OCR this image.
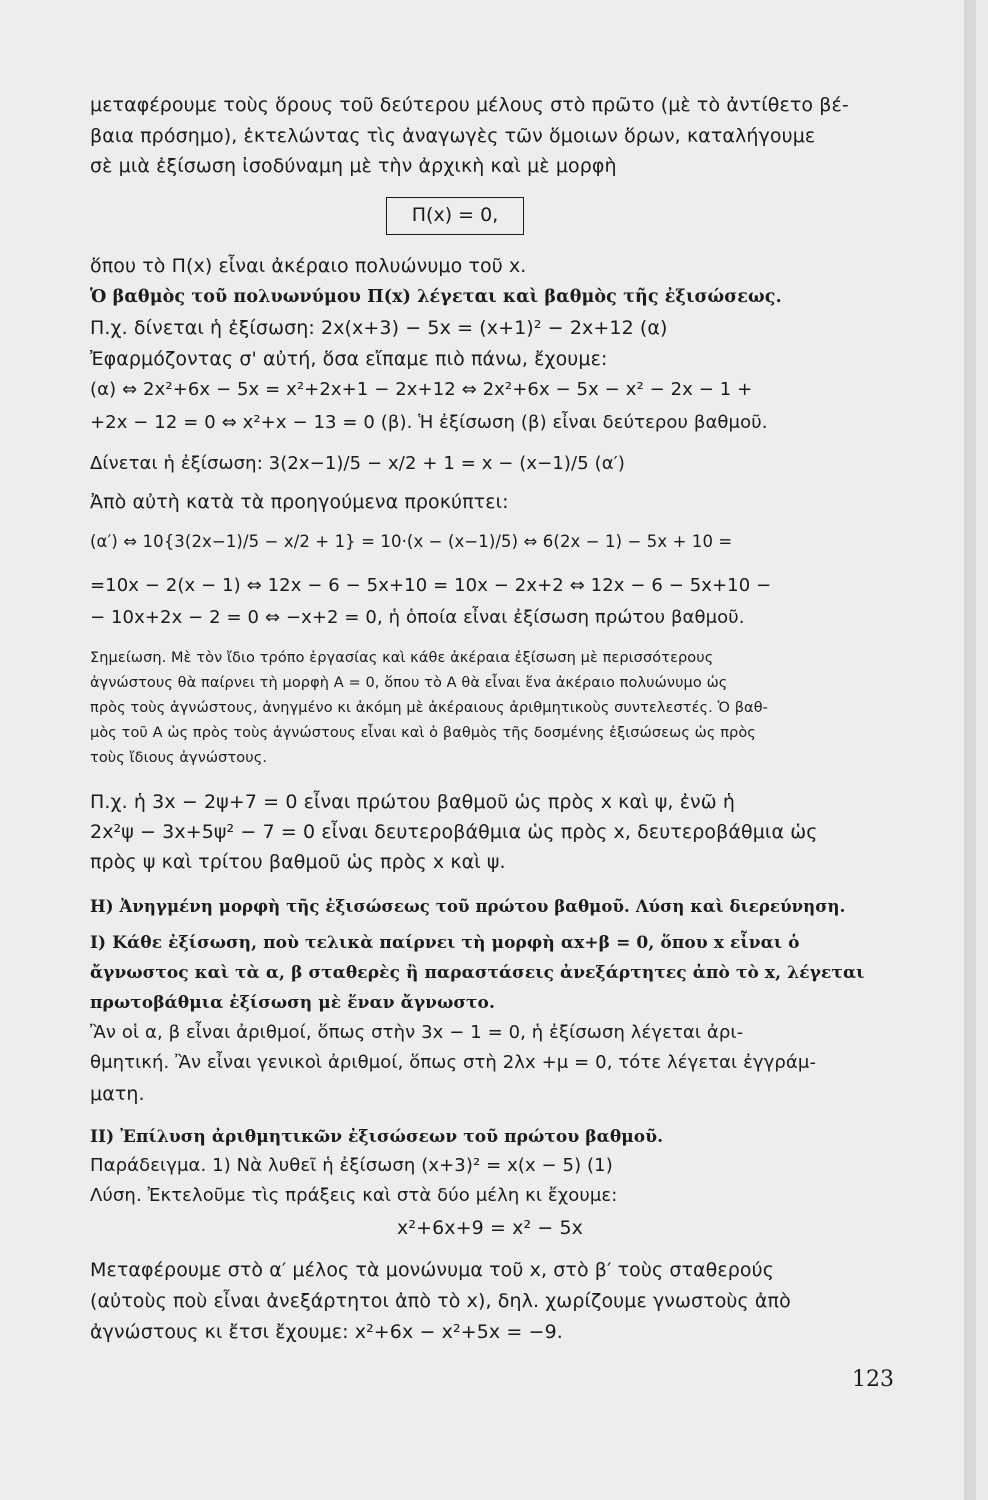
μεταφέρουμε τοὺς ὅρους τοῦ δεύτερου μέλους στὸ πρῶτο (μὲ τὸ ἀντίθετο βέ-
βαια πρόσημο), ἐκτελώντας τὶς ἀναγωγὲς τῶν ὅμοιων ὅρων, καταλήγουμε
σὲ μιὰ ἐξίσωση ἰσοδύναμη μὲ τὴν ἀρχικὴ καὶ μὲ μορφὴ
Π(x) = 0,
ὅπου τὸ Π(x) εἶναι ἀκέραιο πολυώνυμο τοῦ x.
Ὁ βαθμὸς τοῦ πολυωνύμου Π(x) λέγεται καὶ βαθμὸς τῆς ἐξισώσεως.
Π.χ. δίνεται ἡ ἐξίσωση: 2x(x+3) − 5x = (x+1)² − 2x+12 (α)
Ἐφαρμόζοντας σ' αὐτή, ὅσα εἴπαμε πιὸ πάνω, ἔχουμε:
(α) ⇔ 2x²+6x − 5x = x²+2x+1 − 2x+12 ⇔ 2x²+6x − 5x − x² − 2x − 1 +
+2x − 12 = 0 ⇔ x²+x − 13 = 0 (β). Ἡ ἐξίσωση (β) εἶναι δεύτερου βαθμοῦ.
Δίνεται ἡ ἐξίσωση: 3(2x−1)/5 − x/2 + 1 = x − (x−1)/5 (α′)
Ἀπὸ αὐτὴ κατὰ τὰ προηγούμενα προκύπτει:
(α′) ⇔ 10{3(2x−1)/5 − x/2 + 1} = 10·(x − (x−1)/5) ⇔ 6(2x − 1) − 5x + 10 =
=10x − 2(x − 1) ⇔ 12x − 6 − 5x+10 = 10x − 2x+2 ⇔ 12x − 6 − 5x+10 −
− 10x+2x − 2 = 0 ⇔ −x+2 = 0, ἡ ὁποία εἶναι ἐξίσωση πρώτου βαθμοῦ.
Σημείωση. Μὲ τὸν ἴδιο τρόπο ἐργασίας καὶ κάθε ἀκέραια ἐξίσωση μὲ περισσότερους
ἀγνώστους θὰ παίρνει τὴ μορφὴ A = 0, ὅπου τὸ A θὰ εἶναι ἕνα ἀκέραιο πολυώνυμο ὡς
πρὸς τοὺς ἀγνώστους, ἀνηγμένο κι ἀκόμη μὲ ἀκέραιους ἀριθμητικοὺς συντελεστές. Ὁ βαθ-
μὸς τοῦ A ὡς πρὸς τοὺς ἀγνώστους εἶναι καὶ ὁ βαθμὸς τῆς δοσμένης ἐξισώσεως ὡς πρὸς
τοὺς ἴδιους ἀγνώστους.
Π.χ. ἡ 3x − 2ψ+7 = 0 εἶναι πρώτου βαθμοῦ ὡς πρὸς x καὶ ψ, ἐνῶ ἡ
2x²ψ − 3x+5ψ² − 7 = 0 εἶναι δευτεροβάθμια ὡς πρὸς x, δευτεροβάθμια ὡς
πρὸς ψ καὶ τρίτου βαθμοῦ ὡς πρὸς x καὶ ψ.
Η) Ἀνηγμένη μορφὴ τῆς ἐξισώσεως τοῦ πρώτου βαθμοῦ. Λύση καὶ διερεύνηση.
I) Κάθε ἐξίσωση, ποὺ τελικὰ παίρνει τὴ μορφὴ αx+β = 0, ὅπου x εἶναι ὁ
ἄγνωστος καὶ τὰ α, β σταθερὲς ἢ παραστάσεις ἀνεξάρτητες ἀπὸ τὸ x, λέγεται
πρωτοβάθμια ἐξίσωση μὲ ἕναν ἄγνωστο.
Ἂν οἱ α, β εἶναι ἀριθμοί, ὅπως στὴν 3x − 1 = 0, ἡ ἐξίσωση λέγεται ἀρι-
θμητική. Ἂν εἶναι γενικοὶ ἀριθμοί, ὅπως στὴ 2λx +μ = 0, τότε λέγεται ἐγγράμ-
ματη.
II) Ἐπίλυση ἀριθμητικῶν ἐξισώσεων τοῦ πρώτου βαθμοῦ.
Παράδειγμα. 1) Νὰ λυθεῖ ἡ ἐξίσωση (x+3)² = x(x − 5) (1)
Λύση. Ἐκτελοῦμε τὶς πράξεις καὶ στὰ δύο μέλη κι ἔχουμε:
x²+6x+9 = x² − 5x
Μεταφέρουμε στὸ α′ μέλος τὰ μονώνυμα τοῦ x, στὸ β′ τοὺς σταθερούς
(αὐτοὺς ποὺ εἶναι ἀνεξάρτητοι ἀπὸ τὸ x), δηλ. χωρίζουμε γνωστοὺς ἀπὸ
ἀγνώστους κι ἔτσι ἔχουμε: x²+6x − x²+5x = −9.
123
